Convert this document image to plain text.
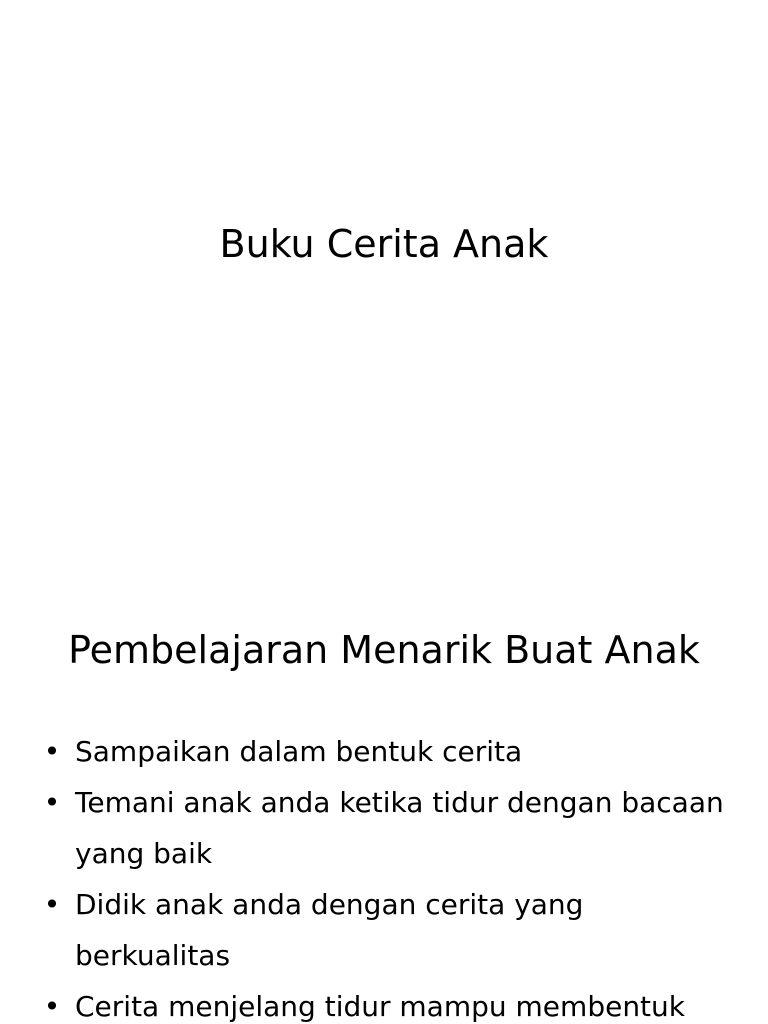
Buku Cerita Anak
Pembelajaran Menarik Buat Anak
• Sampaikan dalam bentuk cerita
• Temani anak anda ketika tidur dengan bacaan yang baik
• Didik anak anda dengan cerita yang berkualitas
• Cerita menjelang tidur mampu membentuk
